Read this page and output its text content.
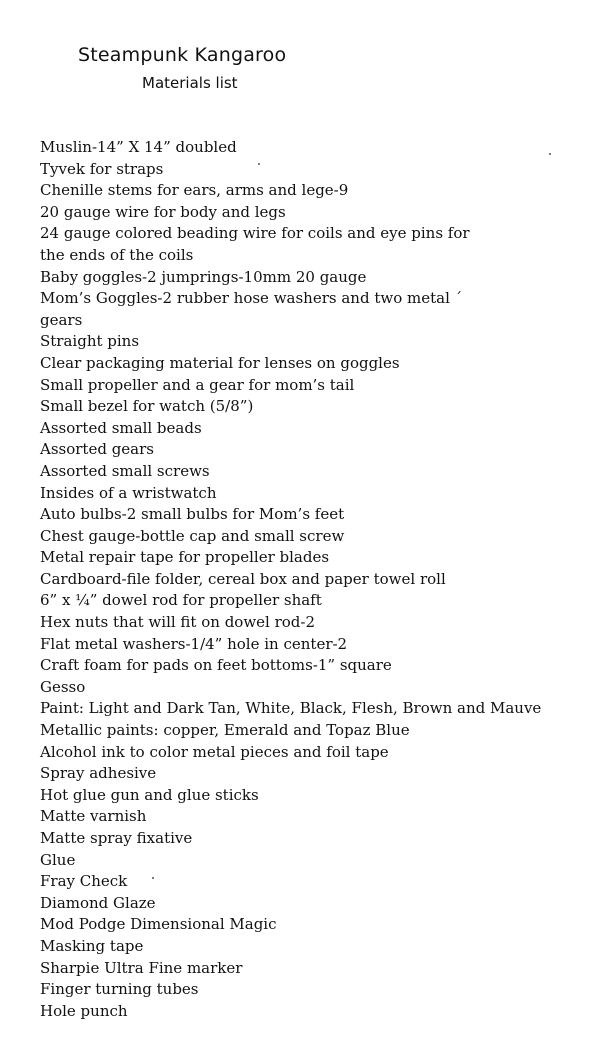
Steampunk Kangaroo
Materials list
Muslin-14” X 14” doubled
Tyvek for straps
Chenille stems for ears, arms and lege-9
20 gauge wire for body and legs
24 gauge colored beading wire for coils and eye pins for
the ends of the coils
Baby goggles-2 jumprings-10mm 20 gauge
Mom’s Goggles-2 rubber hose washers and two metal ´
gears
Straight pins
Clear packaging material for lenses on goggles
Small propeller and a gear for mom’s tail
Small bezel for watch (5/8”)
Assorted small beads
Assorted gears
Assorted small screws
Insides of a wristwatch
Auto bulbs-2 small bulbs for Mom’s feet
Chest gauge-bottle cap and small screw
Metal repair tape for propeller blades
Cardboard-file folder, cereal box and paper towel roll
6” x ¼” dowel rod for propeller shaft
Hex nuts that will fit on dowel rod-2
Flat metal washers-1/4” hole in center-2
Craft foam for pads on feet bottoms-1” square
Gesso
Paint: Light and Dark Tan, White, Black, Flesh, Brown and Mauve
Metallic paints: copper, Emerald and Topaz Blue
Alcohol ink to color metal pieces and foil tape
Spray adhesive
Hot glue gun and glue sticks
Matte varnish
Matte spray fixative
Glue
Fray Check
Diamond Glaze
Mod Podge Dimensional Magic
Masking tape
Sharpie Ultra Fine marker
Finger turning tubes
Hole punch
